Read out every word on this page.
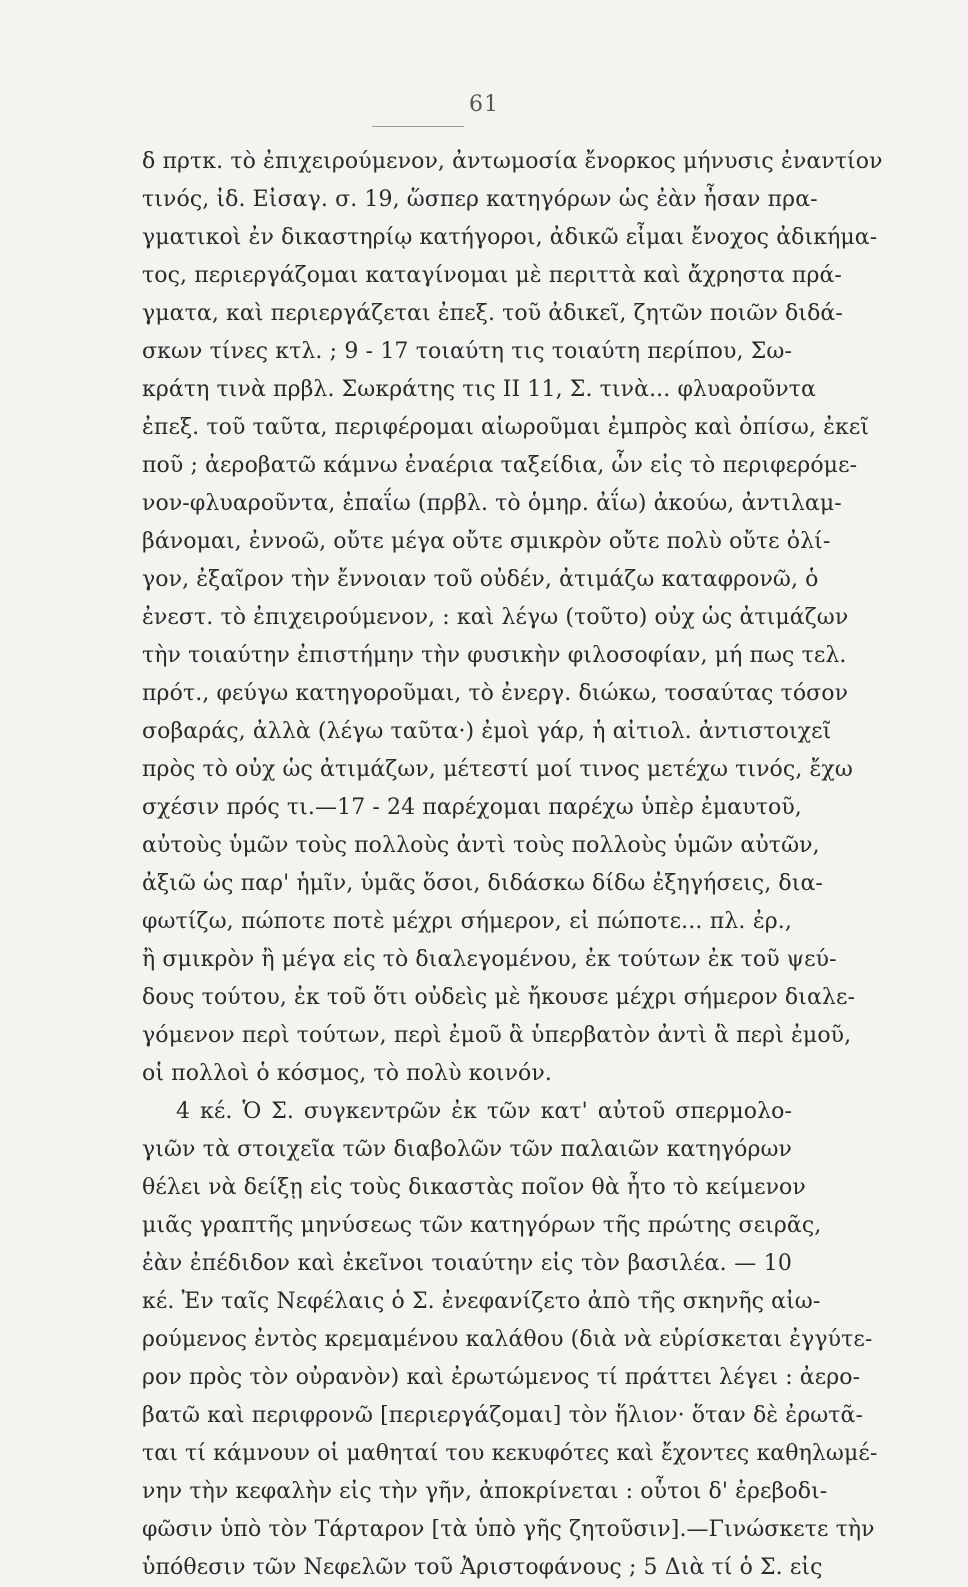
61
δ πρτκ. τὸ ἐπιχειρούμενον, ἀντωμοσία ἔνορκος μήνυσις ἐναντίον
τινός, ἰδ. Εἰσαγ. σ. 19, ὥσπερ κατηγόρων ὡς ἐὰν ἦσαν πρα-
γματικοὶ ἐν δικαστηρίῳ κατήγοροι, ἀδικῶ εἶμαι ἔνοχος ἀδικήμα-
τος, περιεργάζομαι καταγίνομαι μὲ περιττὰ καὶ ἄχρηστα πρά-
γματα, καὶ περιεργάζεται ἐπεξ. τοῦ ἀδικεῖ, ζητῶν ποιῶν διδά-
σκων τίνες κτλ. ; 9 - 17 τοιαύτη τις τοιαύτη περίπου, Σω-
κράτη τινὰ πρβλ. Σωκράτης τις ΙΙ 11, Σ. τινὰ... φλυαροῦντα
ἐπεξ. τοῦ ταῦτα, περιφέρομαι αἰωροῦμαι ἐμπρὸς καὶ ὀπίσω, ἐκεῖ
ποῦ ; ἀεροβατῶ κάμνω ἐναέρια ταξείδια, ὧν εἰς τὸ περιφερόμε-
νον-φλυαροῦντα, ἐπαΐω (πρβλ. τὸ ὁμηρ. ἀΐω) ἀκούω, ἀντιλαμ-
βάνομαι, ἐννοῶ, οὔτε μέγα οὔτε σμικρὸν οὔτε πολὺ οὔτε ὀλί-
γον, ἐξαῖρον τὴν ἔννοιαν τοῦ οὐδέν, ἀτιμάζω καταφρονῶ, ὁ
ἐνεστ. τὸ ἐπιχειρούμενον, : καὶ λέγω (τοῦτο) οὐχ ὡς ἀτιμάζων
τὴν τοιαύτην ἐπιστήμην τὴν φυσικὴν φιλοσοφίαν, μή πως τελ.
πρότ., φεύγω κατηγοροῦμαι, τὸ ἐνεργ. διώκω, τοσαύτας τόσον
σοβαράς, ἀλλὰ (λέγω ταῦτα·) ἐμοὶ γάρ, ἡ αἰτιολ. ἀντιστοιχεῖ
πρὸς τὸ οὐχ ὡς ἀτιμάζων, μέτεστί μοί τινος μετέχω τινός, ἔχω
σχέσιν πρός τι.—17 - 24 παρέχομαι παρέχω ὑπὲρ ἐμαυτοῦ,
αὐτοὺς ὑμῶν τοὺς πολλοὺς ἀντὶ τοὺς πολλοὺς ὑμῶν αὐτῶν,
ἀξιῶ ὡς παρ' ἡμῖν, ὑμᾶς ὅσοι, διδάσκω δίδω ἐξηγήσεις, δια-
φωτίζω, πώποτε ποτὲ μέχρι σήμερον, εἰ πώποτε... πλ. ἐρ.,
ἢ σμικρὸν ἢ μέγα εἰς τὸ διαλεγομένου, ἐκ τούτων ἐκ τοῦ ψεύ-
δους τούτου, ἐκ τοῦ ὅτι οὐδεὶς μὲ ἤκουσε μέχρι σήμερον διαλε-
γόμενον περὶ τούτων, περὶ ἐμοῦ ἃ ὑπερβατὸν ἀντὶ ἃ περὶ ἐμοῦ,
οἱ πολλοὶ ὁ κόσμος, τὸ πολὺ κοινόν.
4 κέ. Ὁ Σ. συγκεντρῶν ἐκ τῶν κατ' αὐτοῦ σπερμολο-
γιῶν τὰ στοιχεῖα τῶν διαβολῶν τῶν παλαιῶν κατηγόρων
θέλει νὰ δείξῃ εἰς τοὺς δικαστὰς ποῖον θὰ ἦτο τὸ κείμενον
μιᾶς γραπτῆς μηνύσεως τῶν κατηγόρων τῆς πρώτης σειρᾶς,
ἐὰν ἐπέδιδον καὶ ἐκεῖνοι τοιαύτην εἰς τὸν βασιλέα. — 10
κέ. Ἐν ταῖς Νεφέλαις ὁ Σ. ἐνεφανίζετο ἀπὸ τῆς σκηνῆς αἰω-
ρούμενος ἐντὸς κρεμαμένου καλάθου (διὰ νὰ εὑρίσκεται ἐγγύτε-
ρον πρὸς τὸν οὐρανὸν) καὶ ἐρωτώμενος τί πράττει λέγει : ἀερο-
βατῶ καὶ περιφρονῶ [περιεργάζομαι] τὸν ἥλιον· ὅταν δὲ ἐρωτᾶ-
ται τί κάμνουν οἱ μαθηταί του κεκυφότες καὶ ἔχοντες καθηλωμέ-
νην τὴν κεφαλὴν εἰς τὴν γῆν, ἀποκρίνεται : οὗτοι δ' ἐρεβοδι-
φῶσιν ὑπὸ τὸν Τάρταρον [τὰ ὑπὸ γῆς ζητοῦσιν].—Γινώσκετε τὴν
ὑπόθεσιν τῶν Νεφελῶν τοῦ Ἀριστοφάνους ; 5 Διὰ τί ὁ Σ. εἰς
